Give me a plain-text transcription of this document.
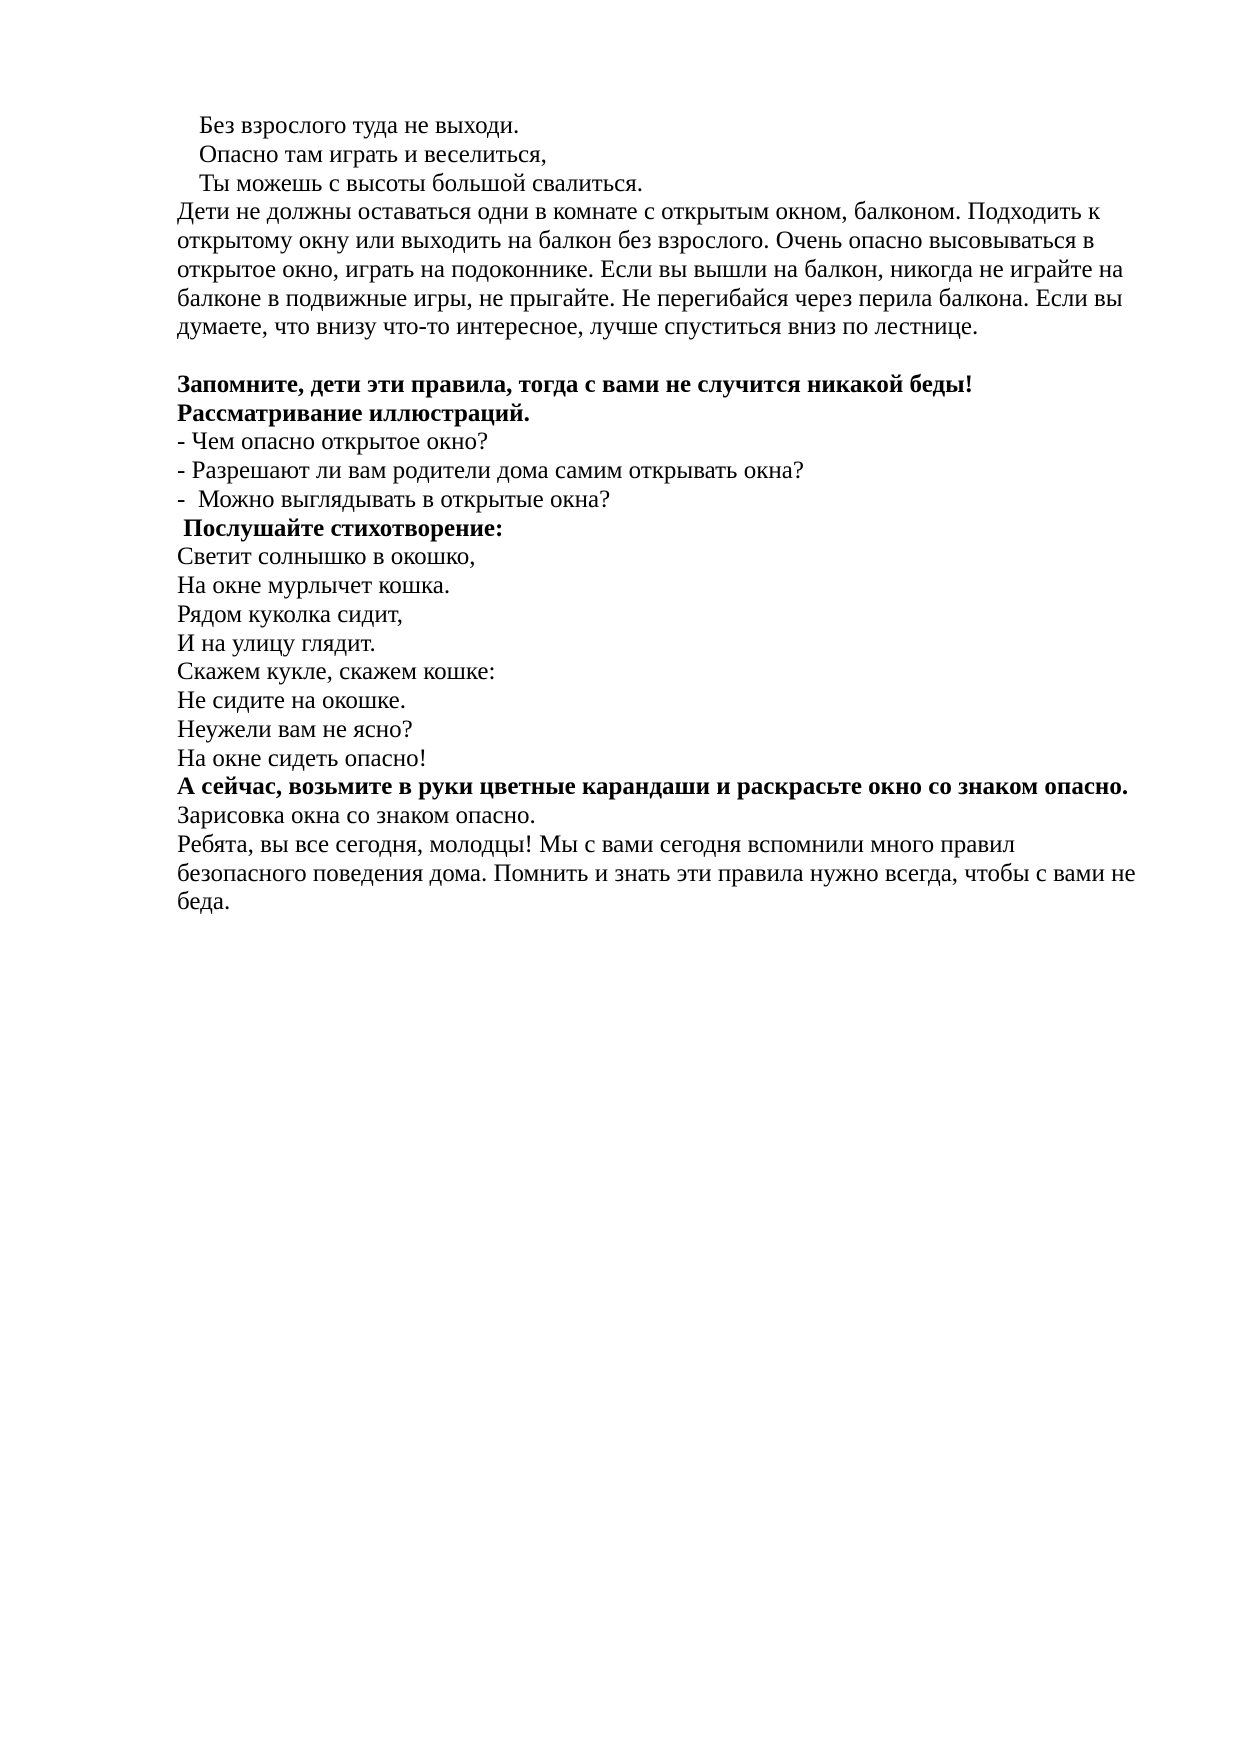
Без взрослого туда не выходи.
Опасно там играть и веселиться,
Ты можешь с высоты большой свалиться.
Дети не должны оставаться одни в комнате с открытым окном, балконом. Подходить к
открытому окну или выходить на балкон без взрослого. Очень опасно высовываться в
открытое окно, играть на подоконнике. Если вы вышли на балкон, никогда не играйте на
балконе в подвижные игры, не прыгайте. Не перегибайся через перила балкона. Если вы
думаете, что внизу что-то интересное, лучше спуститься вниз по лестнице.
Запомните, дети эти правила, тогда с вами не случится никакой беды!
Рассматривание иллюстраций.
- Чем опасно открытое окно?
- Разрешают ли вам родители дома самим открывать окна?
-  Можно выглядывать в открытые окна?
Послушайте стихотворение:
Светит солнышко в окошко,
На окне мурлычет кошка.
Рядом куколка сидит,
И на улицу глядит.
Скажем кукле, скажем кошке:
Не сидите на окошке.
Неужели вам не ясно?
На окне сидеть опасно!
А сейчас, возьмите в руки цветные карандаши и раскрасьте окно со знаком опасно.
Зарисовка окна со знаком опасно.
Ребята, вы все сегодня, молодцы! Мы с вами сегодня вспомнили много правил
безопасного поведения дома. Помнить и знать эти правила нужно всегда, чтобы с вами не
беда.
